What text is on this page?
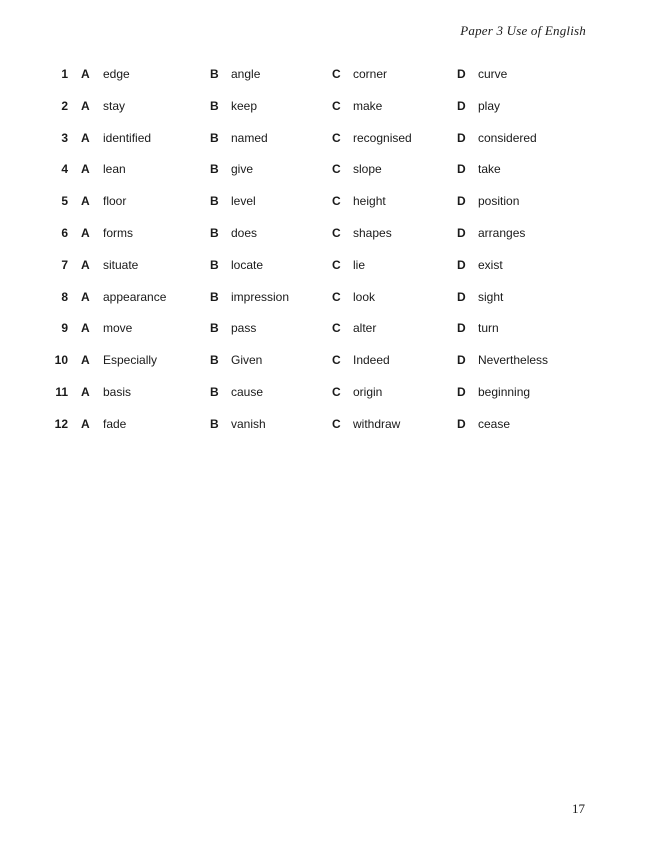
Paper 3 Use of English
1 A edge	B angle	C corner	D curve
2 A stay	B keep	C make	D play
3 A identified	B named	C recognised	D considered
4 A lean	B give	C slope	D take
5 A floor	B level	C height	D position
6 A forms	B does	C shapes	D arranges
7 A situate	B locate	C lie	D exist
8 A appearance	B impression	C look	D sight
9 A move	B pass	C alter	D turn
10 A Especially	B Given	C Indeed	D Nevertheless
11 A basis	B cause	C origin	D beginning
12 A fade	B vanish	C withdraw	D cease
17
